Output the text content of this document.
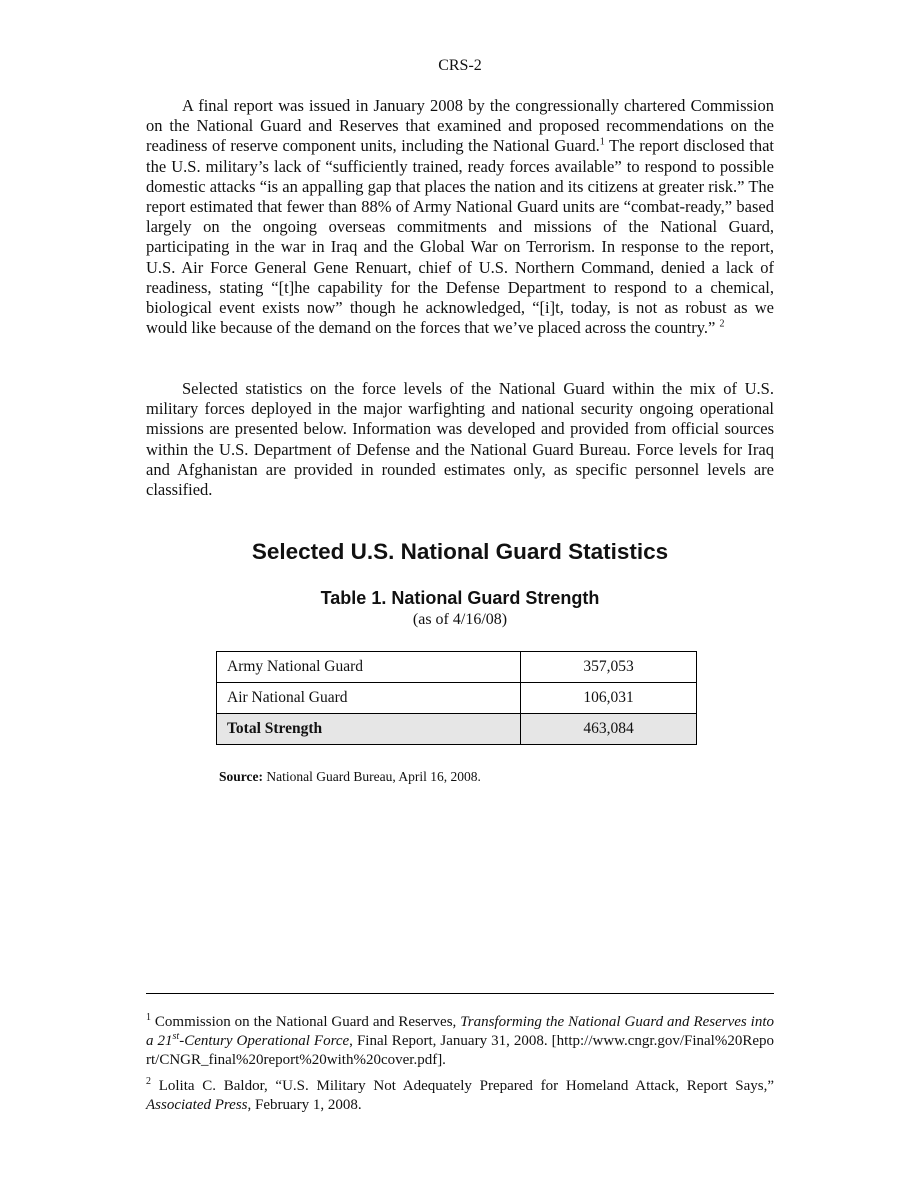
CRS-2

A final report was issued in January 2008 by the congressionally chartered Commission on the National Guard and Reserves that examined and proposed recommendations on the readiness of reserve component units, including the National Guard.$^1$ The report disclosed that the U.S. military’s lack of “sufficiently trained, ready forces available” to respond to possible domestic attacks “is an appalling gap that places the nation and its citizens at greater risk.” The report estimated that fewer than 88% of Army National Guard units are “combat-ready,” based largely on the ongoing overseas commitments and missions of the National Guard, participating in the war in Iraq and the Global War on Terrorism. In response to the report, U.S. Air Force General Gene Renuart, chief of U.S. Northern Command, denied a lack of readiness, stating “[t]he capability for the Defense Department to respond to a chemical, biological event exists now” though he acknowledged, “[i]t, today, is not as robust as we would like because of the demand on the forces that we’ve placed across the country.” $^2$

Selected statistics on the force levels of the National Guard within the mix of U.S. military forces deployed in the major warfighting and national security ongoing operational missions are presented below. Information was developed and provided from official sources within the U.S. Department of Defense and the National Guard Bureau. Force levels for Iraq and Afghanistan are provided in rounded estimates only, as specific personnel levels are classified.

Selected U.S. National Guard Statistics
Table 1. National Guard Strength
(as of 4/16/08)
Army National Guard	357,053
Air National Guard	106,031
Total Strength	463,084
Source: National Guard Bureau, April 16, 2008.

$^1$ Commission on the National Guard and Reserves, Transforming the National Guard and Reserves into a 21st-Century Operational Force, Final Report, January 31, 2008. [http://www.cngr.gov/Final%20Report/CNGR_final%20report%20with%20cover.pdf].

$^2$ Lolita C. Baldor, “U.S. Military Not Adequately Prepared for Homeland Attack, Report Says,” Associated Press, February 1, 2008.
